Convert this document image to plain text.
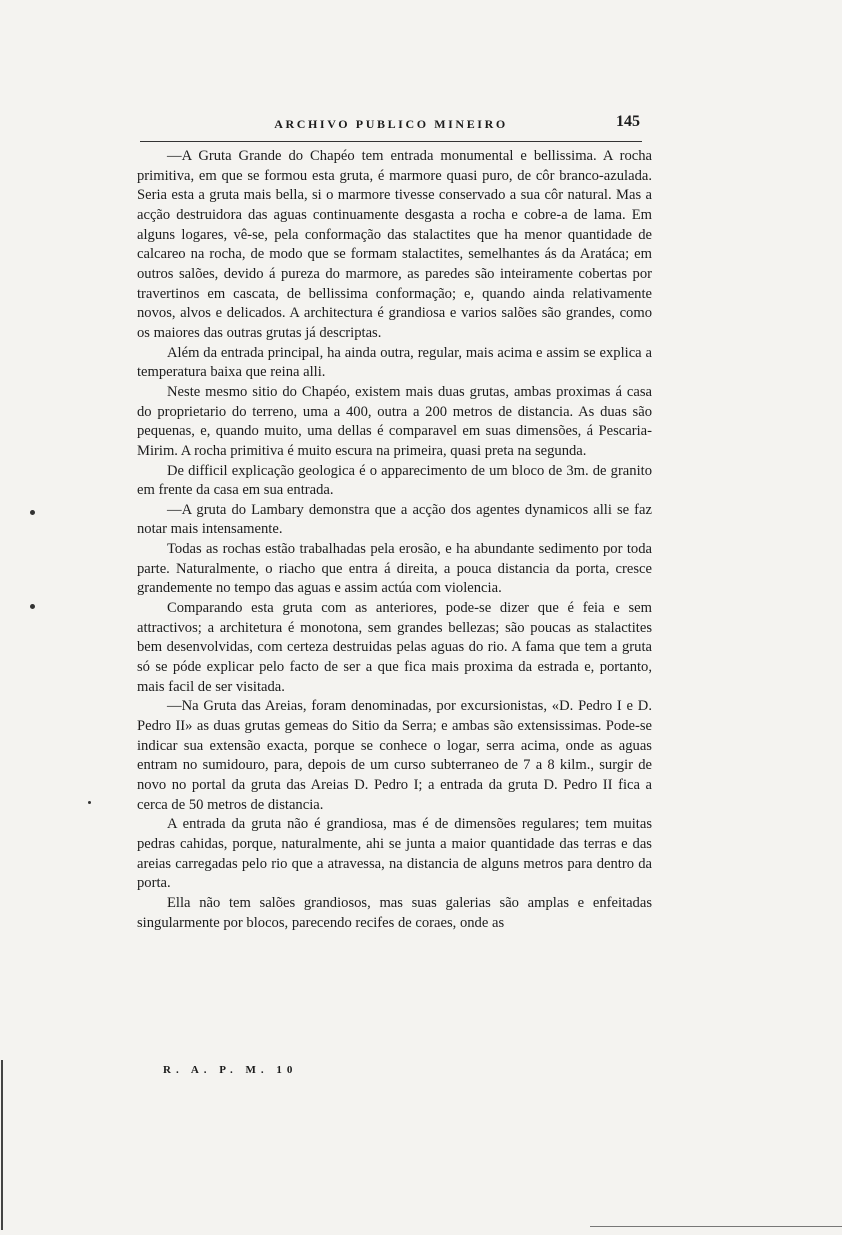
ARCHIVO PUBLICO MINEIRO	145

—A Gruta Grande do Chapéo tem entrada monumental e bellissima. A rocha primitiva, em que se formou esta gruta, é marmore quasi puro, de côr branco-azulada. Seria esta a gruta mais bella, si o marmore tivesse conservado a sua côr natural. Mas a acção destruidora das aguas continuamente desgasta a rocha e cobre-a de lama. Em alguns logares, vê-se, pela conformação das stalactites que ha menor quantidade de calcareo na rocha, de modo que se formam stalactites, semelhantes ás da Aratáca; em outros salões, devido á pureza do marmore, as paredes são inteiramente cobertas por travertinos em cascata, de bellissima conformação; e, quando ainda relativamente novos, alvos e delicados. A architectura é grandiosa e varios salões são grandes, como os maiores das outras grutas já descriptas.

Além da entrada principal, ha ainda outra, regular, mais acima e assim se explica a temperatura baixa que reina alli.

Neste mesmo sitio do Chapéo, existem mais duas grutas, ambas proximas á casa do proprietario do terreno, uma a 400, outra a 200 metros de distancia. As duas são pequenas, e, quando muito, uma dellas é comparavel em suas dimensões, á Pescaria-Mirim. A rocha primitiva é muito escura na primeira, quasi preta na segunda.

De difficil explicação geologica é o apparecimento de um bloco de 3m. de granito em frente da casa em sua entrada.

—A gruta do Lambary demonstra que a acção dos agentes dynamicos alli se faz notar mais intensamente.

Todas as rochas estão trabalhadas pela erosão, e ha abundante sedimento por toda parte. Naturalmente, o riacho que entra á direita, a pouca distancia da porta, cresce grandemente no tempo das aguas e assim actúa com violencia.

Comparando esta gruta com as anteriores, pode-se dizer que é feia e sem attractivos; a architetura é monotona, sem grandes bellezas; são poucas as stalactites bem desenvolvidas, com certeza destruidas pelas aguas do rio. A fama que tem a gruta só se póde explicar pelo facto de ser a que fica mais proxima da estrada e, portanto, mais facil de ser visitada.

—Na Gruta das Areias, foram denominadas, por excursionistas, «D. Pedro I e D. Pedro II» as duas grutas gemeas do Sitio da Serra; e ambas são extensissimas. Pode-se indicar sua extensão exacta, porque se conhece o logar, serra acima, onde as aguas entram no sumidouro, para, depois de um curso subterraneo de 7 a 8 kilm., surgir de novo no portal da gruta das Areias D. Pedro I; a entrada da gruta D. Pedro II fica a cerca de 50 metros de distancia.

A entrada da gruta não é grandiosa, mas é de dimensões regulares; tem muitas pedras cahidas, porque, naturalmente, ahi se junta a maior quantidade das terras e das areias carregadas pelo rio que a atravessa, na distancia de alguns metros para dentro da porta.

Ella não tem salões grandiosos, mas suas galerias são amplas e enfeitadas singularmente por blocos, parecendo recifes de coraes, onde as

R. A. P. M. 10
